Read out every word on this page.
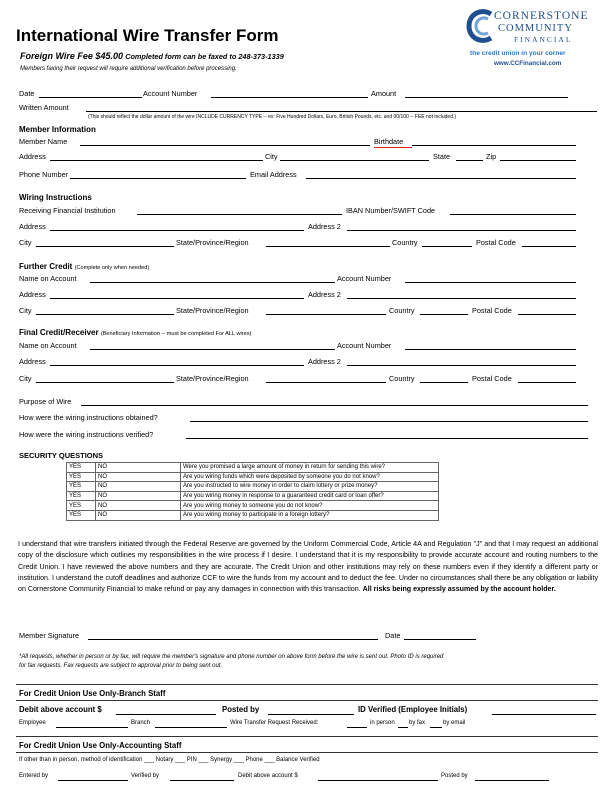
International Wire Transfer Form
Foreign Wire Fee $45.00 Completed form can be faxed to 248-373-1339
Members faxing their request will require additional verification before processing.
CORNERSTONE
COMMUNITY
FINANCIAL
the credit union in your corner
www.CCFinancial.com
Date	Account Number	Amount
Written Amount
(This should reflect the dollar amount of the wire INCLUDE CURRENCY TYPE -- ex: Five Hundred Dollars, Euro, British Pounds, etc. and 00/100 -- FEE not included.)
Member Information
Member Name	Birthdate
Address	City	State	Zip
Phone Number	Email Address
Wiring Instructions
Receiving Financial Institution	IBAN Number/SWIFT Code
Address	Address 2
City	State/Province/Region	Country	Postal Code
Further Credit (Complete only when needed)
Name on Account	Account Number
Address	Address 2
City	State/Province/Region	Country	Postal Code
Final Credit/Receiver (Beneficiary Information -- must be completed For ALL wires)
Name on Account	Account Number
Address	Address 2
City	State/Province/Region	Country	Postal Code
Purpose of Wire
How were the wiring instructions obtained?
How were the wiring instructions verified?
SECURITY QUESTIONS
YES	NO	Were you promised a large amount of money in return for sending this wire?
YES	NO	Are you wiring funds which were deposited by someone you do not know?
YES	NO	Are you instructed to wire money in order to claim lottery or prize money?
YES	NO	Are you wiring money in response to a guaranteed credit card or loan offer?
YES	NO	Are you wiring money to someone you do not know?
YES	NO	Are you wiring money to participate in a foreign lottery?
I understand that wire transfers initiated through the Federal Reserve are governed by the Uniform Commercial Code, Article 4A and Regulation "J" and that I may request an additional copy of the disclosure which outlines my responsibilities in the wire process if I desire. I understand that it is my responsibility to provide accurate account and routing numbers to the Credit Union. I have reviewed the above numbers and they are accurate. The Credit Union and other institutions may rely on these numbers even if they identify a different party or institution. I understand the cutoff deadlines and authorize CCF to wire the funds from my account and to deduct the fee. Under no circumstances shall there be any obligation or liability on Cornerstone Community Financial to make refund or pay any damages in connection with this transaction. All risks being expressly assumed by the account holder.
Member Signature	Date
*All requests, whether in person or by fax, will require the member's signature and phone number on above form before the wire is sent out. Photo ID is required
for fax requests. Fax requests are subject to approval prior to being sent out.
For Credit Union Use Only-Branch Staff
Debit above account $	Posted by	ID Verified (Employee Initials)
Employee	Branch	Wire Transfer Request Received:	in person by fax	by email
For Credit Union Use Only-Accounting Staff
If other than in person, method of identification ___ Notary ___ PIN ___ Synergy ___ Phone ___ Balance Verified
Entered by	Verified by	Debit above account $	Posted by
